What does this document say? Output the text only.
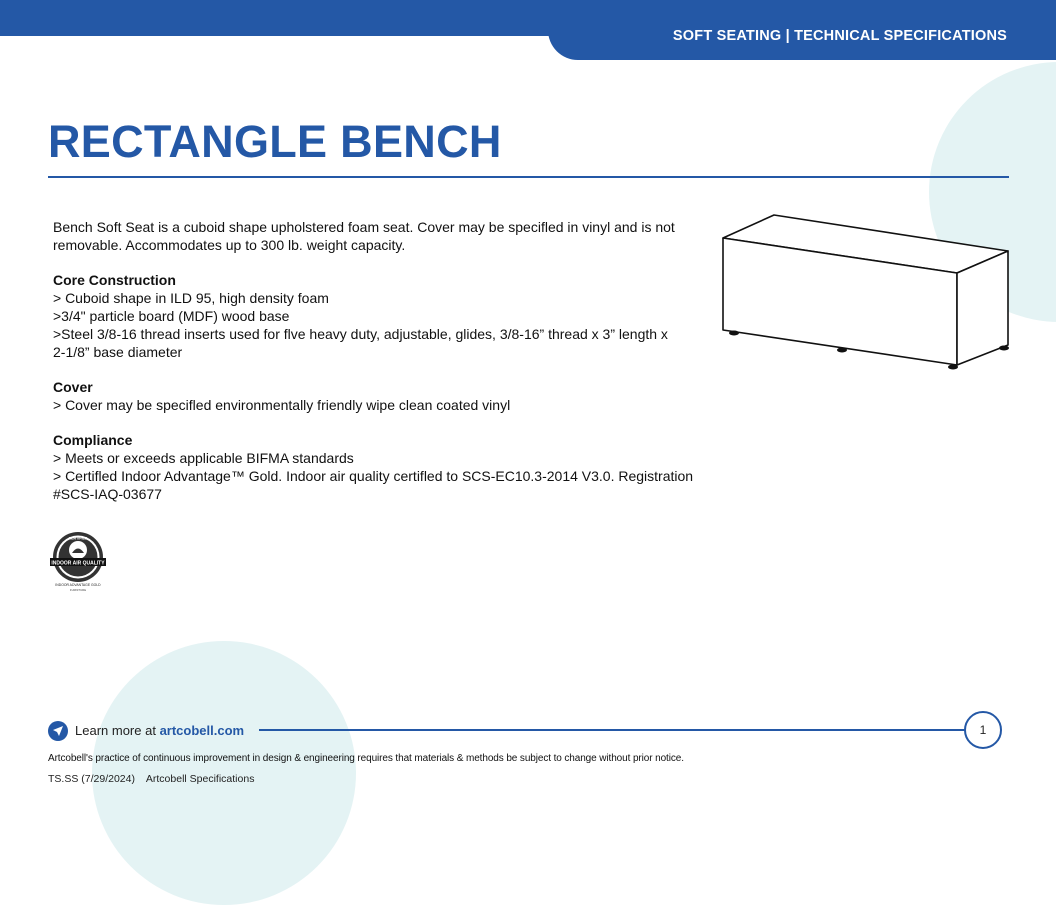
SOFT SEATING | TECHNICAL SPECIFICATIONS
RECTANGLE BENCH

Bench Soft Seat is a cuboid shape upholstered foam seat. Cover may be specifled in vinyl and is not

removable. Accommodates up to 300 lb. weight capacity.

Core Construction

> Cuboid shape in ILD 95, high density foam

>3/4" particle board (MDF) wood base

>Steel 3/8-16 thread inserts used for flve heavy duty, adjustable, glides, 3/8-16” thread x 3” length x

2-1/8” base diameter

Cover

> Cover may be specifled environmentally friendly wipe clean coated vinyl

Compliance

> Meets or exceeds applicable BIFMA standards

> Certifled Indoor Advantage™ Gold. Indoor air quality certifled to SCS-EC10.3-2014 V3.0. Registration

#SCS-IAQ-03677

INDOOR AIR QUALITY
CERTIFIED
INDOOR ADVANTAGE GOLD
FURNITURE
Learn more at artcobell.com	1
Artcobell's practice of continuous improvement in design & engineering requires that materials & methods be subject to change without prior notice.
TS.SS (7/29/2024) Artcobell Specifications
